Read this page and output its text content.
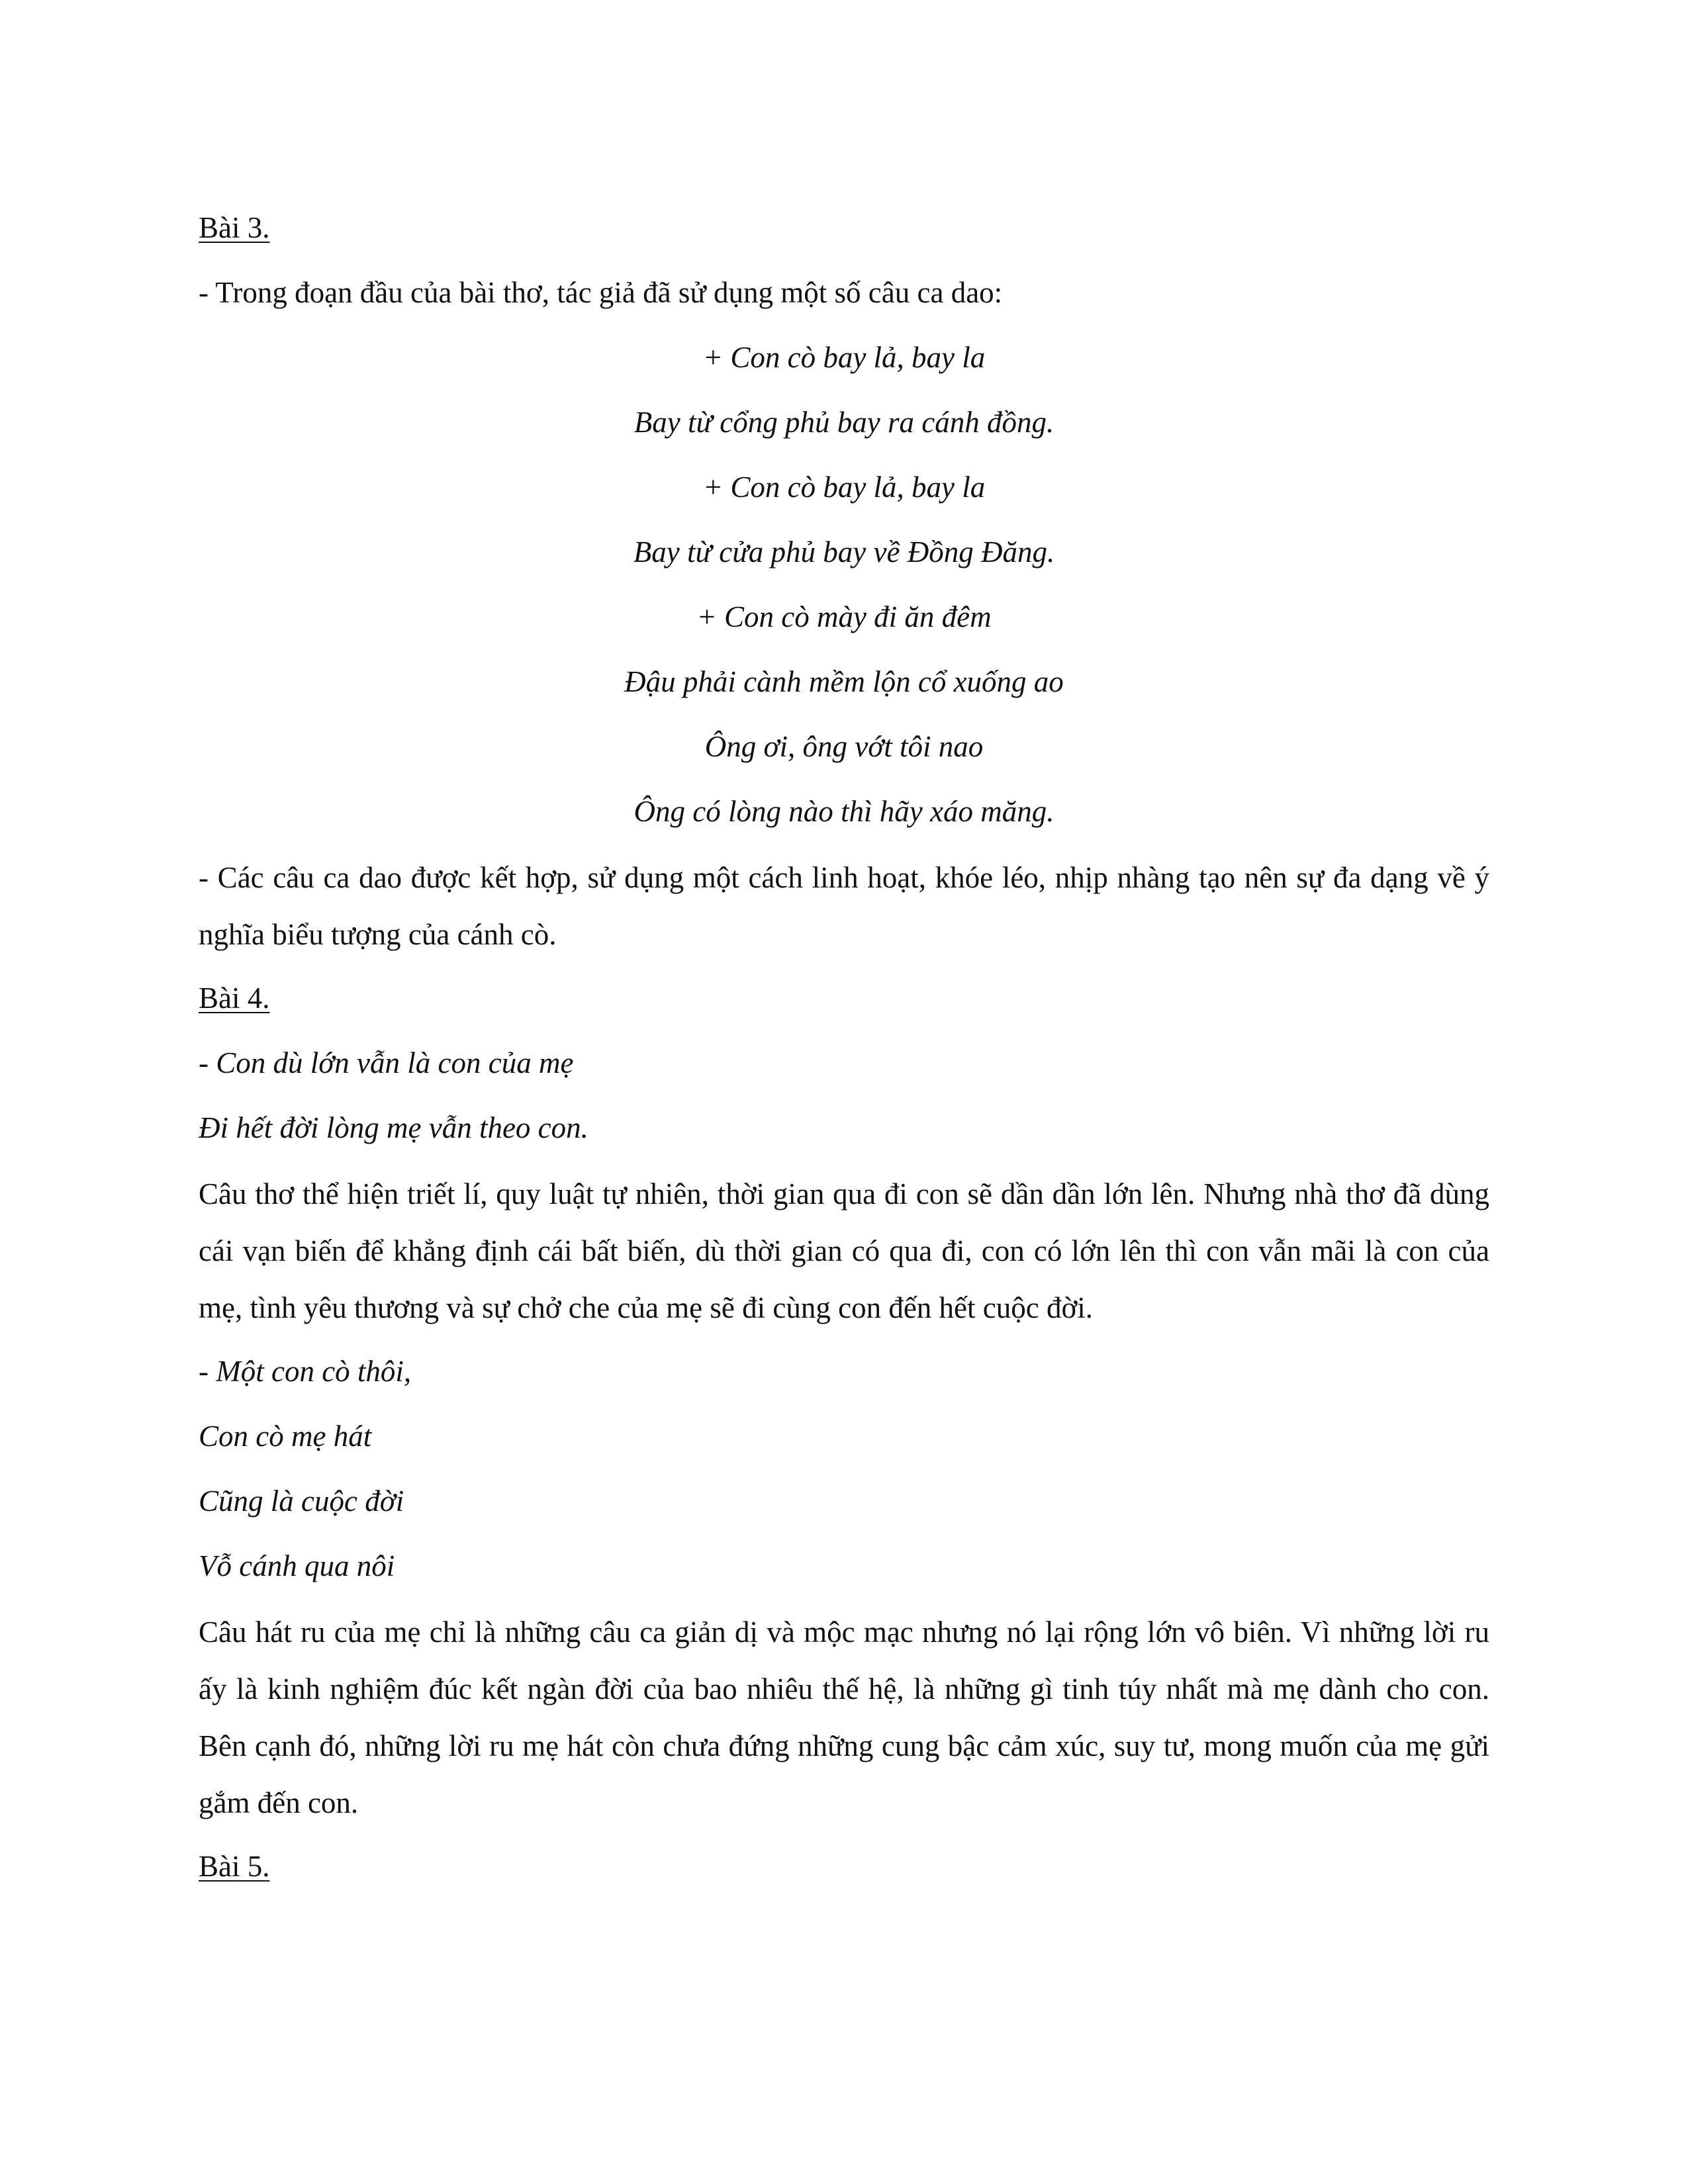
Bài 3.
- Trong đoạn đầu của bài thơ, tác giả đã sử dụng một số câu ca dao:
+ Con cò bay lả, bay la
Bay từ cổng phủ bay ra cánh đồng.
+ Con cò bay lả, bay la
Bay từ cửa phủ bay về Đồng Đăng.
+ Con cò mày đi ăn đêm
Đậu phải cành mềm lộn cổ xuống ao
Ông ơi, ông vớt tôi nao
Ông có lòng nào thì hãy xáo măng.
- Các câu ca dao được kết hợp, sử dụng một cách linh hoạt, khóe léo, nhịp nhàng tạo nên sự đa dạng về ý nghĩa biểu tượng của cánh cò.
Bài 4.
- Con dù lớn vẫn là con của mẹ
Đi hết đời lòng mẹ vẫn theo con.
Câu thơ thể hiện triết lí, quy luật tự nhiên, thời gian qua đi con sẽ dần dần lớn lên. Nhưng nhà thơ đã dùng cái vạn biến để khẳng định cái bất biến, dù thời gian có qua đi, con có lớn lên thì con vẫn mãi là con của mẹ, tình yêu thương và sự chở che của mẹ sẽ đi cùng con đến hết cuộc đời.
- Một con cò thôi,
Con cò mẹ hát
Cũng là cuộc đời
Vỗ cánh qua nôi
Câu hát ru của mẹ chỉ là những câu ca giản dị và mộc mạc nhưng nó lại rộng lớn vô biên. Vì những lời ru ấy là kinh nghiệm đúc kết ngàn đời của bao nhiêu thế hệ, là những gì tinh túy nhất mà mẹ dành cho con. Bên cạnh đó, những lời ru mẹ hát còn chưa đứng những cung bậc cảm xúc, suy tư, mong muốn của mẹ gửi gắm đến con.
Bài 5.
